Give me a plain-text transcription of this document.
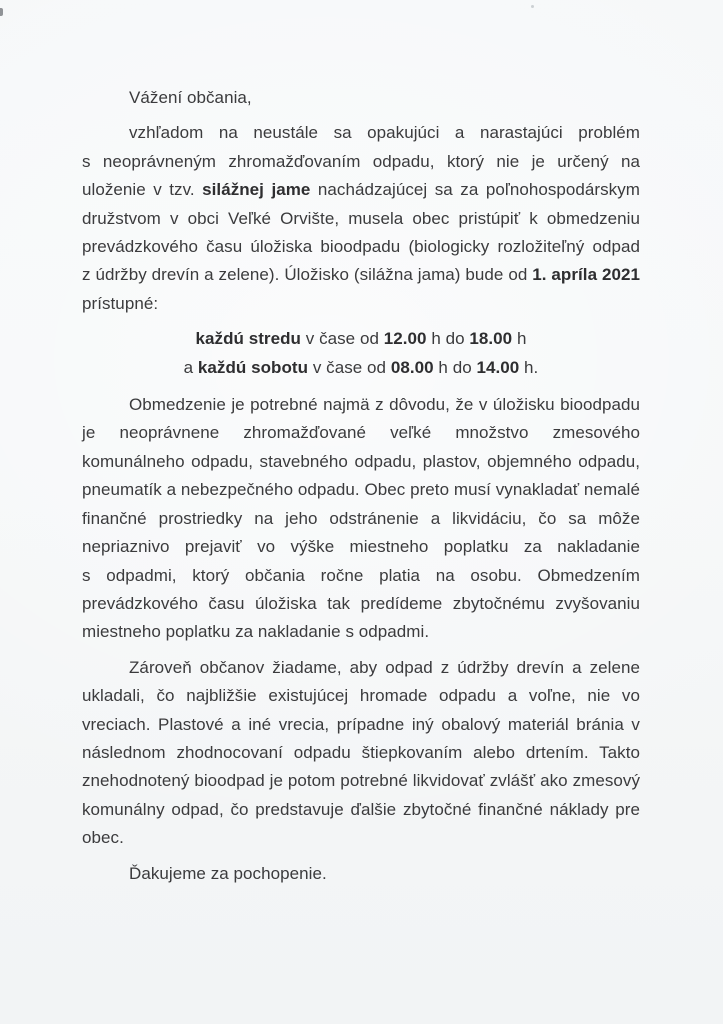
Vážení občania,

vzhľadom na neustále sa opakujúci a narastajúci problém s neoprávneným zhromažďovaním odpadu, ktorý nie je určený na uloženie v tzv. silážnej jame nachádzajúcej sa za poľnohospodárskym družstvom v obci Veľké Orvište, musela obec pristúpiť k obmedzeniu prevádzkového času úložiska bioodpadu (biologicky rozložiteľný odpad z údržby drevín a zelene). Úložisko (silážna jama) bude od 1. apríla 2021 prístupné:

každú stredu v čase od 12.00 h do 18.00 h

a každú sobotu v čase od 08.00 h do 14.00 h.

Obmedzenie je potrebné najmä z dôvodu, že v úložisku bioodpadu je neoprávnene zhromažďované veľké množstvo zmesového komunálneho odpadu, stavebného odpadu, plastov, objemného odpadu, pneumatík a nebezpečného odpadu. Obec preto musí vynakladať nemalé finančné prostriedky na jeho odstránenie a likvidáciu, čo sa môže nepriaznivo prejaviť vo výške miestneho poplatku za nakladanie s odpadmi, ktorý občania ročne platia na osobu. Obmedzením prevádzkového času úložiska tak predídeme zbytočnému zvyšovaniu miestneho poplatku za nakladanie s odpadmi.

Zároveň občanov žiadame, aby odpad z údržby drevín a zelene ukladali, čo najbližšie existujúcej hromade odpadu a voľne, nie vo vreciach. Plastové a iné vrecia, prípadne iný obalový materiál bránia v následnom zhodnocovaní odpadu štiepkovaním alebo drtením. Takto znehodnotený bioodpad je potom potrebné likvidovať zvlášť ako zmesový komunálny odpad, čo predstavuje ďalšie zbytočné finančné náklady pre obec.

Ďakujeme za pochopenie.
